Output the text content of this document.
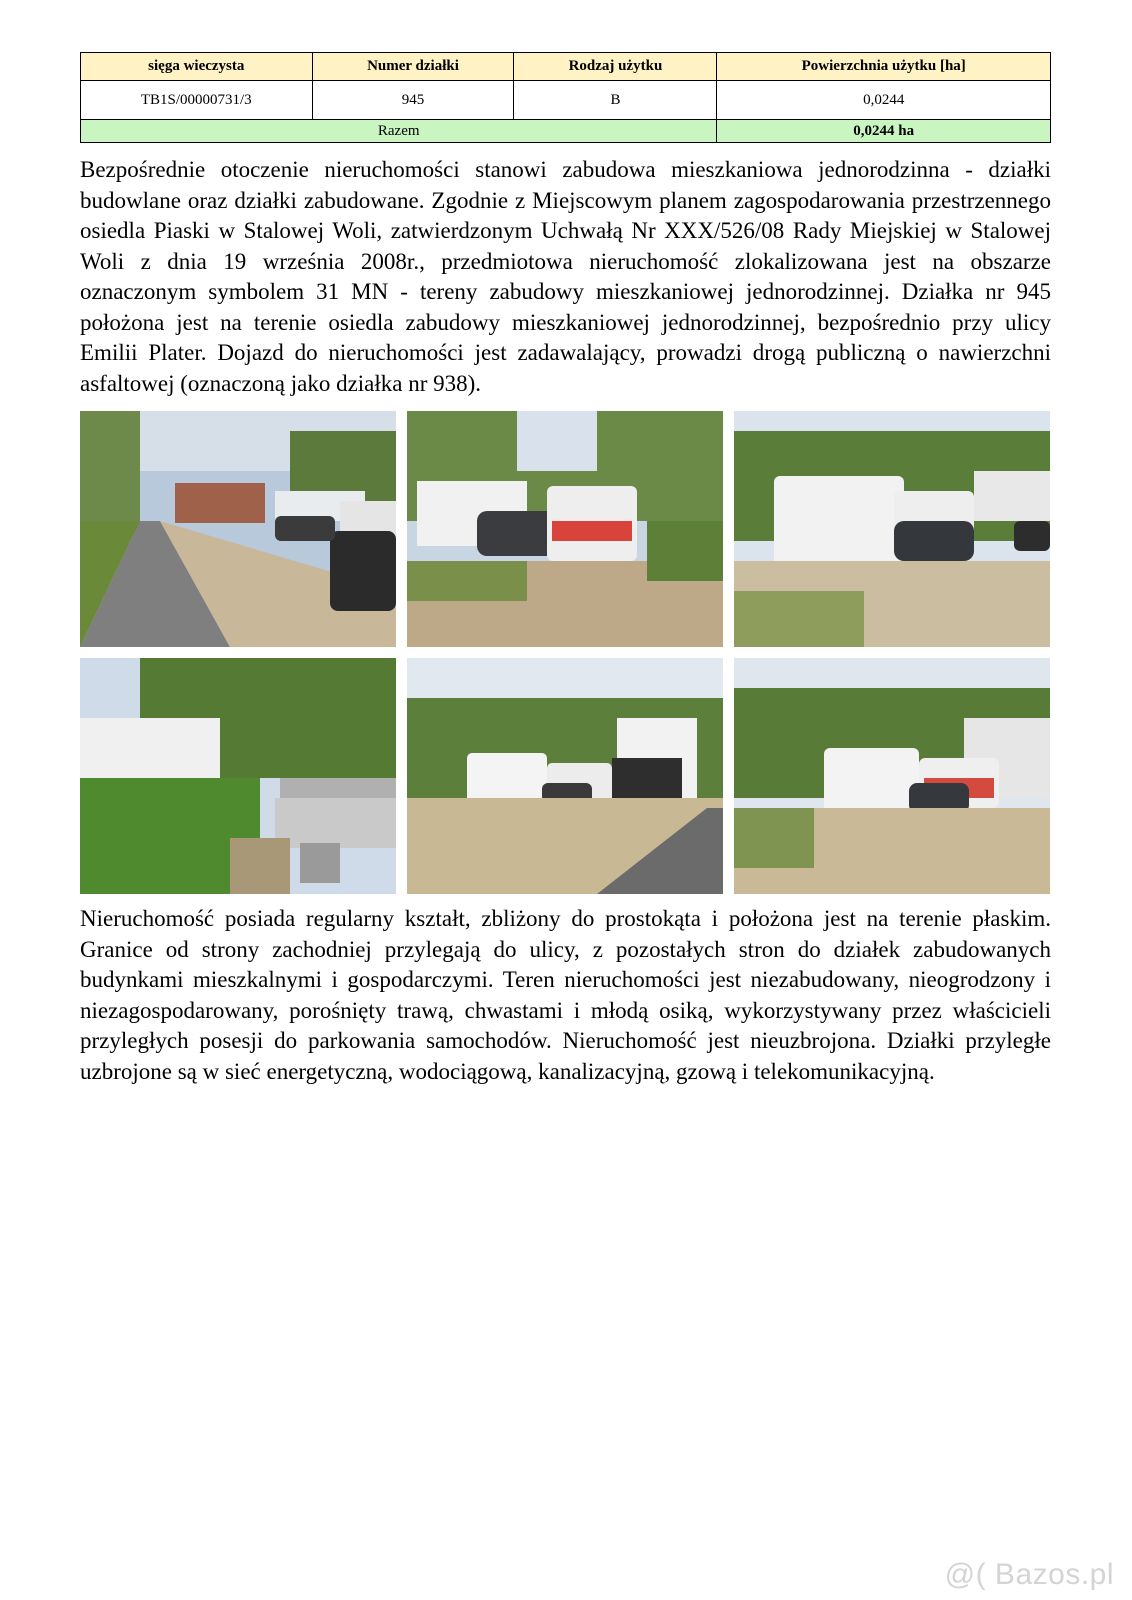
sięga wieczysta	Numer działki	Rodzaj użytku	Powierzchnia użytku [ha]
TB1S/00000731/3	945	B	0,0244
Razem			0,0244 ha

Bezpośrednie otoczenie nieruchomości stanowi zabudowa mieszkaniowa jednorodzinna - działki budowlane oraz działki zabudowane. Zgodnie z Miejscowym planem zagospodarowania przestrzennego osiedla Piaski w Stalowej Woli, zatwierdzonym Uchwałą Nr XXX/526/08 Rady Miejskiej w Stalowej Woli z dnia 19 września 2008r., przedmiotowa nieruchomość zlokalizowana jest na obszarze oznaczonym symbolem 31 MN - tereny zabudowy mieszkaniowej jednorodzinnej. Działka nr 945 położona jest na terenie osiedla zabudowy mieszkaniowej jednorodzinnej, bezpośrednio przy ulicy Emilii Plater. Dojazd do nieruchomości jest zadawalający, prowadzi drogą publiczną o nawierzchni asfaltowej (oznaczoną jako działka nr 938).

Nieruchomość posiada regularny kształt, zbliżony do prostokąta i położona jest na terenie płaskim. Granice od strony zachodniej przylegają do ulicy, z pozostałych stron do działek zabudowanych budynkami mieszkalnymi i gospodarczymi. Teren nieruchomości jest niezabudowany, nieogrodzony i niezagospodarowany, porośnięty trawą, chwastami i młodą osiką, wykorzystywany przez właścicieli przyległych posesji do parkowania samochodów. Nieruchomość jest nieuzbrojona. Działki przyległe uzbrojone są w sieć energetyczną, wodociągową, kanalizacyjną, gzową i telekomunikacyjną.

@( Bazos.pl
